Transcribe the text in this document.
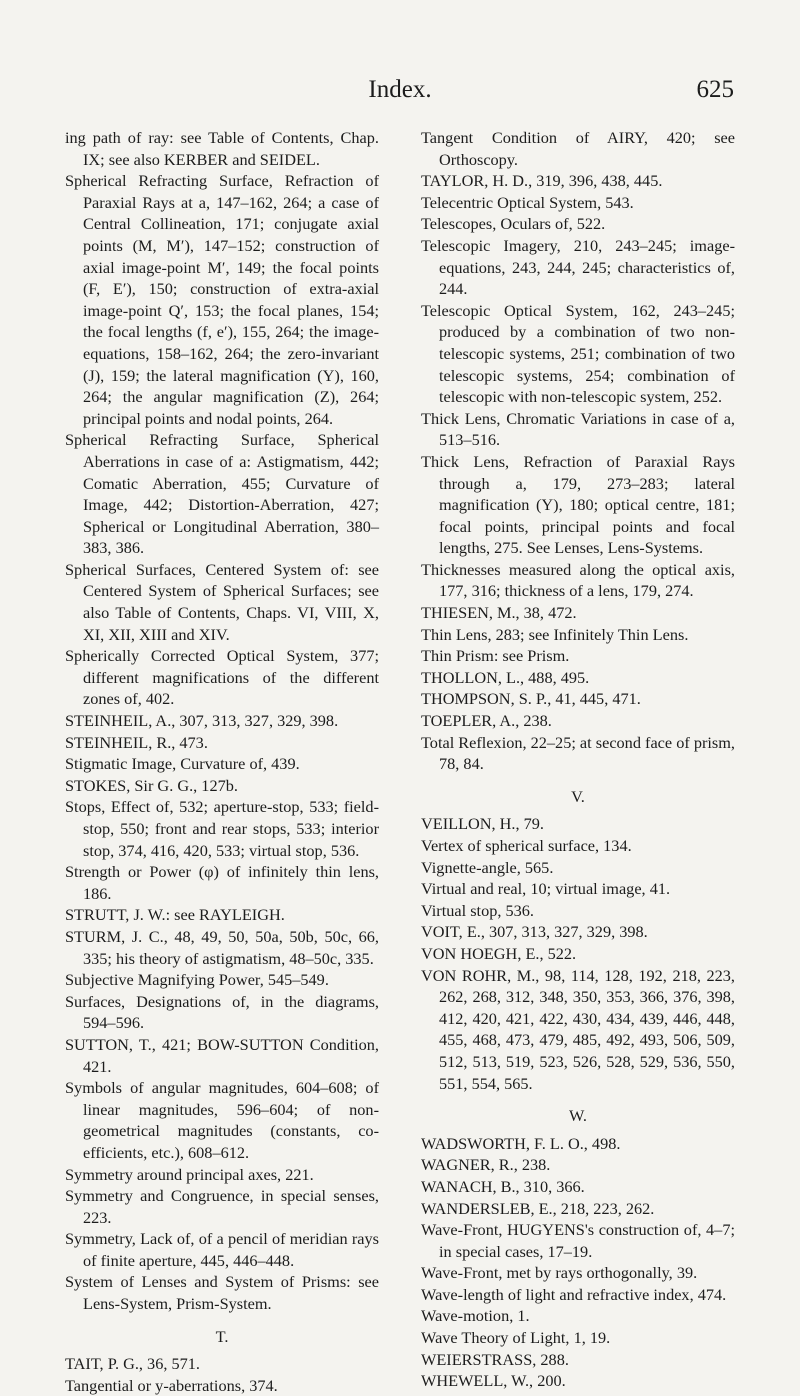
Index.	625

ing path of ray: see Table of Contents, Chap. IX; see also KERBER and SEIDEL.

Spherical Refracting Surface, Refraction of Paraxial Rays at a, 147–162, 264; a case of Central Collineation, 171; conjugate axial points (M, M′), 147–152; construction of axial image-point M′, 149; the focal points (F, E′), 150; construction of extra-axial image-point Q′, 153; the focal planes, 154; the focal lengths (f, e′), 155, 264; the image-equations, 158–162, 264; the zero-invariant (J), 159; the lateral magnification (Y), 160, 264; the angular magnification (Z), 264; principal points and nodal points, 264.

Spherical Refracting Surface, Spherical Aberrations in case of a: Astigmatism, 442; Comatic Aberration, 455; Curvature of Image, 442; Distortion-Aberration, 427; Spherical or Longitudinal Aberration, 380–383, 386.

Spherical Surfaces, Centered System of: see Centered System of Spherical Surfaces; see also Table of Contents, Chaps. VI, VIII, X, XI, XII, XIII and XIV.

Spherically Corrected Optical System, 377; different magnifications of the different zones of, 402.

STEINHEIL, A., 307, 313, 327, 329, 398.

STEINHEIL, R., 473.

Stigmatic Image, Curvature of, 439.

STOKES, Sir G. G., 127b.

Stops, Effect of, 532; aperture-stop, 533; field-stop, 550; front and rear stops, 533; interior stop, 374, 416, 420, 533; virtual stop, 536.

Strength or Power (φ) of infinitely thin lens, 186.

STRUTT, J. W.: see RAYLEIGH.

STURM, J. C., 48, 49, 50, 50a, 50b, 50c, 66, 335; his theory of astigmatism, 48–50c, 335.

Subjective Magnifying Power, 545–549.

Surfaces, Designations of, in the diagrams, 594–596.

SUTTON, T., 421; BOW-SUTTON Condition, 421.

Symbols of angular magnitudes, 604–608; of linear magnitudes, 596–604; of non-geometrical magnitudes (constants, co-efficients, etc.), 608–612.

Symmetry around principal axes, 221.

Symmetry and Congruence, in special senses, 223.

Symmetry, Lack of, of a pencil of meridian rays of finite aperture, 445, 446–448.

System of Lenses and System of Prisms: see Lens-System, Prism-System.

T.

TAIT, P. G., 36, 571.

Tangential or y-aberrations, 374.

Tangent Condition of AIRY, 420; see Orthoscopy.

TAYLOR, H. D., 319, 396, 438, 445.

Telecentric Optical System, 543.

Telescopes, Oculars of, 522.

Telescopic Imagery, 210, 243–245; image-equations, 243, 244, 245; characteristics of, 244.

Telescopic Optical System, 162, 243–245; produced by a combination of two non-telescopic systems, 251; combination of two telescopic systems, 254; combination of telescopic with non-telescopic system, 252.

Thick Lens, Chromatic Variations in case of a, 513–516.

Thick Lens, Refraction of Paraxial Rays through a, 179, 273–283; lateral magnification (Y), 180; optical centre, 181; focal points, principal points and focal lengths, 275. See Lenses, Lens-Systems.

Thicknesses measured along the optical axis, 177, 316; thickness of a lens, 179, 274.

THIESEN, M., 38, 472.

Thin Lens, 283; see Infinitely Thin Lens.

Thin Prism: see Prism.

THOLLON, L., 488, 495.

THOMPSON, S. P., 41, 445, 471.

TOEPLER, A., 238.

Total Reflexion, 22–25; at second face of prism, 78, 84.

V.

VEILLON, H., 79.

Vertex of spherical surface, 134.

Vignette-angle, 565.

Virtual and real, 10; virtual image, 41.

Virtual stop, 536.

VOIT, E., 307, 313, 327, 329, 398.

VON HOEGH, E., 522.

VON ROHR, M., 98, 114, 128, 192, 218, 223, 262, 268, 312, 348, 350, 353, 366, 376, 398, 412, 420, 421, 422, 430, 434, 439, 446, 448, 455, 468, 473, 479, 485, 492, 493, 506, 509, 512, 513, 519, 523, 526, 528, 529, 536, 550, 551, 554, 565.

W.

WADSWORTH, F. L. O., 498.

WAGNER, R., 238.

WANACH, B., 310, 366.

WANDERSLEB, E., 218, 223, 262.

Wave-Front, HUGYENS's construction of, 4–7; in special cases, 17–19.

Wave-Front, met by rays orthogonally, 39.

Wave-length of light and refractive index, 474.

Wave-motion, 1.

Wave Theory of Light, 1, 19.

WEIERSTRASS, 288.

WHEWELL, W., 200.
